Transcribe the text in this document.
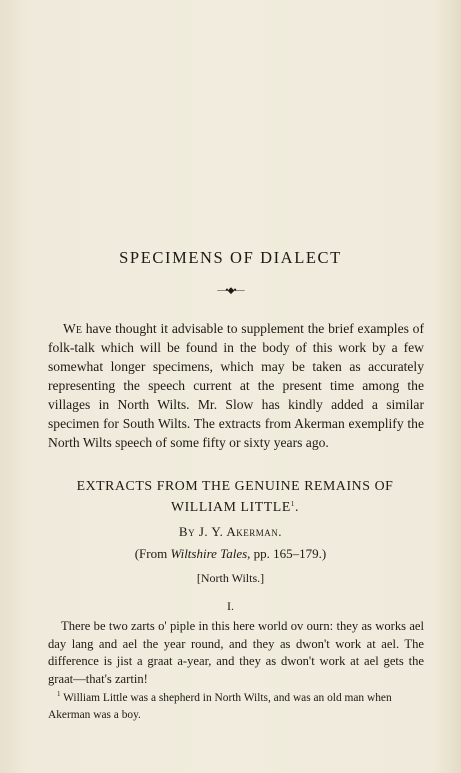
SPECIMENS OF DIALECT
—•◆•—

We have thought it advisable to supplement the brief examples of folk-talk which will be found in the body of this work by a few somewhat longer specimens, which may be taken as accurately representing the speech current at the present time among the villages in North Wilts. Mr. Slow has kindly added a similar specimen for South Wilts. The extracts from Akerman exemplify the North Wilts speech of some fifty or sixty years ago.

EXTRACTS FROM THE GENUINE REMAINS OF
WILLIAM LITTLE$^1$.
By J. Y. Akerman.
(From Wiltshire Tales, pp. 165–179.)
[North Wilts.]
I.

There be two zarts o' piple in this here world ov ourn: they as works ael day lang and ael the year round, and they as dwon't work at ael. The difference is jist a graat a-year, and they as dwon't work at ael gets the graat—that's zartin!

$^1$ William Little was a shepherd in North Wilts, and was an old man when Akerman was a boy.
